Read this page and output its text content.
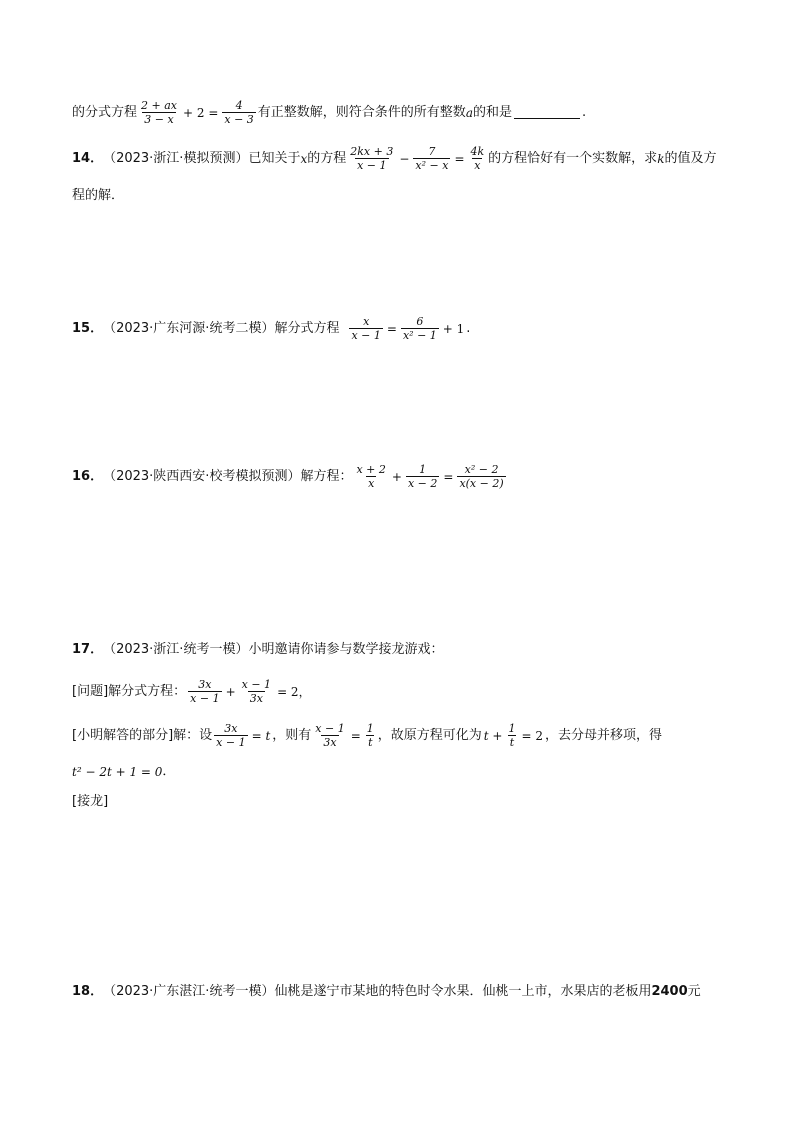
的分式方程 $\frac{2 + ax}{3 - x} + 2 = \frac{4}{x - 3}$ 有正整数解，则符合条件的所有整数 a 的和是	.
14． （2023·浙江·模拟预测） 已知关于 x 的方程 $\frac{2kx + 3}{x - 1} - \frac{7}{\text{x² − x}} = \frac{4k}{x}$ 的方程恰好有一个实数解，求 k 的值及方
程的解．
15． （2023·广东河源·统考二模） 解分式方程 $\frac{x}{x - 1} = \frac{6}{\text{x² − 1}} + 1$ .
16． （2023·陕西西安·校考模拟预测） 解方程： $\frac{x + 2}{x} + \frac{1}{x - 2} = \frac{\text{x² − 2}}{x(x - 2)}$
17． （2023·浙江·统考一模） 小明邀请你请参与数学接龙游戏：
[问题]解分式方程： $\frac{3x}{x - 1} + \frac{x - 1}{3x} = 2$，
[小明解答的部分]解：设 $\frac{3x}{x - 1} = t$ ，则有 $\frac{x - 1}{3x} = \frac{1}{t}$ ，故原方程可化为 $t + \frac{1}{t} = 2$ ，去分母并移项，得
t² − 2t + 1 = 0 ．
[接龙]
18． （2023·广东湛江·统考一模） 仙桃是遂宁市某地的特色时令水果．仙桃一上市，水果店的老板用 2400 元
